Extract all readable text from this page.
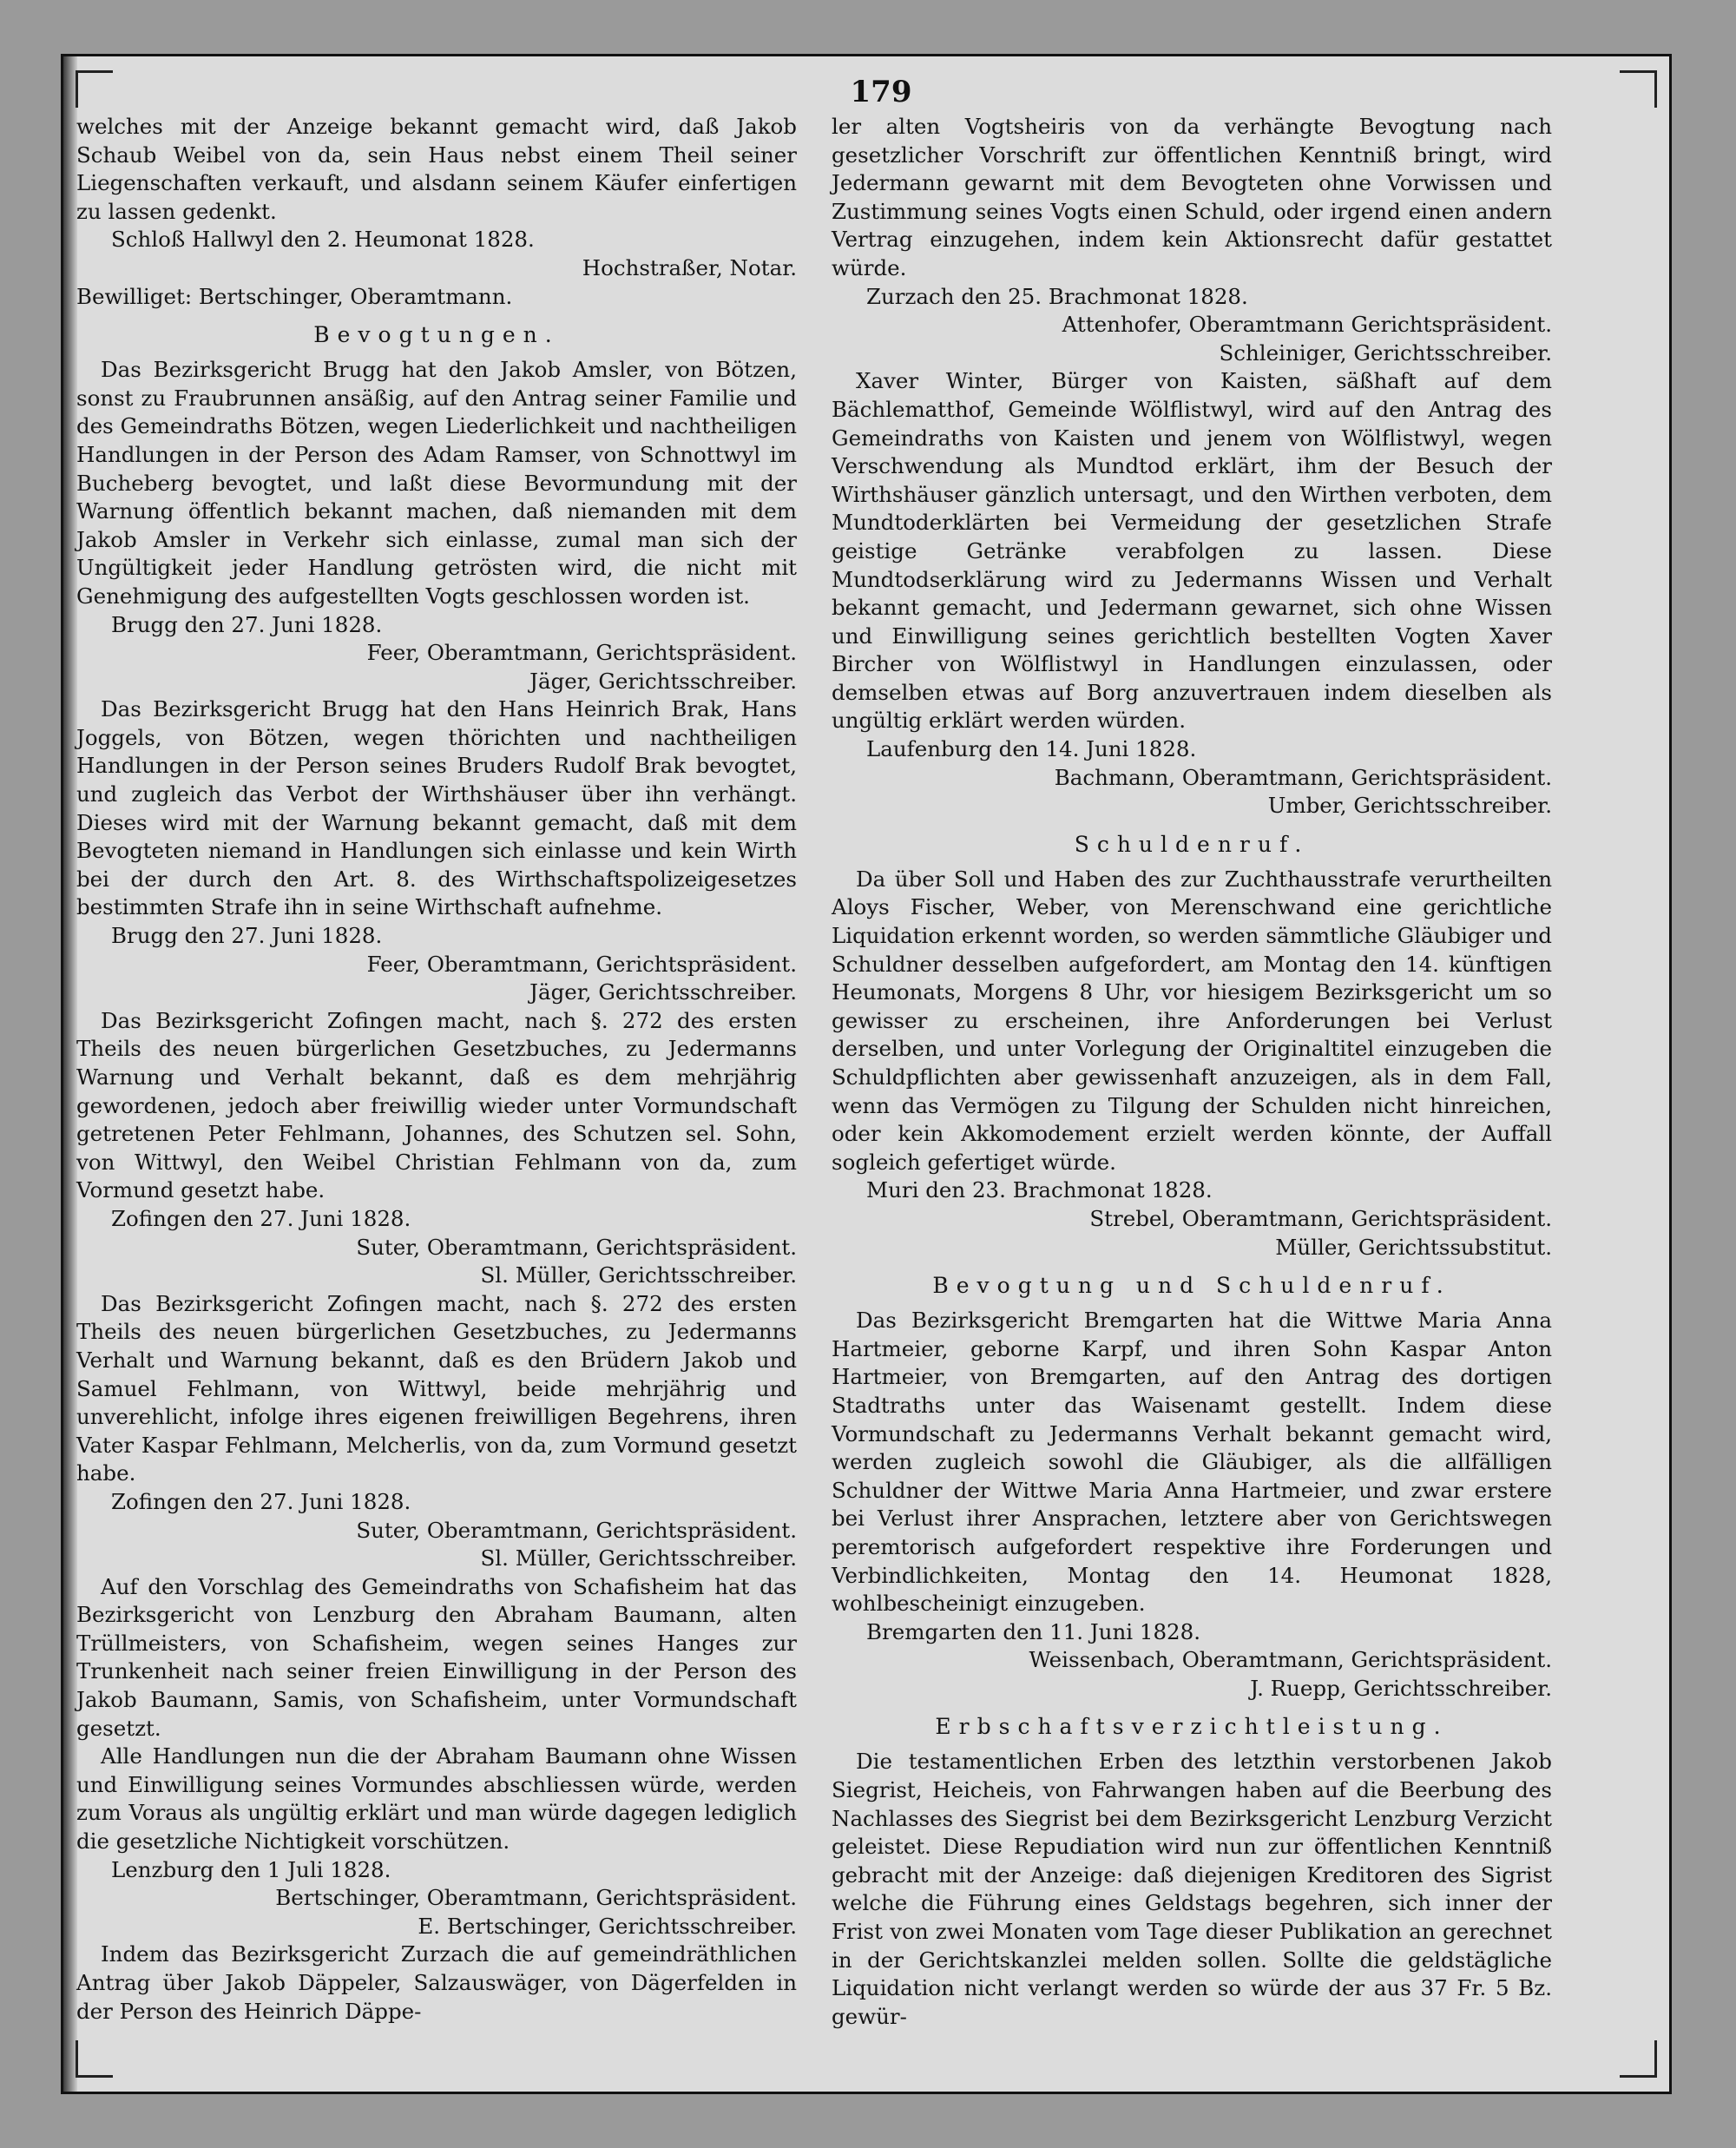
179

welches mit der Anzeige bekannt gemacht wird, daß Jakob Schaub Weibel von da, sein Haus nebst einem Theil seiner Liegenschaften verkauft, und alsdann seinem Käufer einfertigen zu lassen gedenkt.

Schloß Hallwyl den 2. Heumonat 1828.

Hochstraßer, Notar.

Bewilliget: Bertschinger, Oberamtmann.

Bevogtungen.

Das Bezirksgericht Brugg hat den Jakob Amsler, von Bötzen, sonst zu Fraubrunnen ansäßig, auf den Antrag seiner Familie und des Gemeindraths Bötzen, wegen Liederlichkeit und nachtheiligen Handlungen in der Person des Adam Ramser, von Schnottwyl im Bucheberg bevogtet, und laßt diese Bevormundung mit der Warnung öffentlich bekannt machen, daß niemanden mit dem Jakob Amsler in Verkehr sich einlasse, zumal man sich der Ungültigkeit jeder Handlung getrösten wird, die nicht mit Genehmigung des aufgestellten Vogts geschlossen worden ist.

Brugg den 27. Juni 1828.

Feer, Oberamtmann, Gerichtspräsident.

Jäger, Gerichtsschreiber.

Das Bezirksgericht Brugg hat den Hans Heinrich Brak, Hans Joggels, von Bötzen, wegen thörichten und nachtheiligen Handlungen in der Person seines Bruders Rudolf Brak bevogtet, und zugleich das Verbot der Wirthshäuser über ihn verhängt. Dieses wird mit der Warnung bekannt gemacht, daß mit dem Bevogteten niemand in Handlungen sich einlasse und kein Wirth bei der durch den Art. 8. des Wirthschaftspolizeigesetzes bestimmten Strafe ihn in seine Wirthschaft aufnehme.

Brugg den 27. Juni 1828.

Feer, Oberamtmann, Gerichtspräsident.

Jäger, Gerichtsschreiber.

Das Bezirksgericht Zofingen macht, nach §. 272 des ersten Theils des neuen bürgerlichen Gesetzbuches, zu Jedermanns Warnung und Verhalt bekannt, daß es dem mehrjährig gewordenen, jedoch aber freiwillig wieder unter Vormundschaft getretenen Peter Fehlmann, Johannes, des Schutzen sel. Sohn, von Wittwyl, den Weibel Christian Fehlmann von da, zum Vormund gesetzt habe.

Zofingen den 27. Juni 1828.

Suter, Oberamtmann, Gerichtspräsident.

Sl. Müller, Gerichtsschreiber.

Das Bezirksgericht Zofingen macht, nach §. 272 des ersten Theils des neuen bürgerlichen Gesetzbuches, zu Jedermanns Verhalt und Warnung bekannt, daß es den Brüdern Jakob und Samuel Fehlmann, von Wittwyl, beide mehrjährig und unverehlicht, infolge ihres eigenen freiwilligen Begehrens, ihren Vater Kaspar Fehlmann, Melcherlis, von da, zum Vormund gesetzt habe.

Zofingen den 27. Juni 1828.

Suter, Oberamtmann, Gerichtspräsident.

Sl. Müller, Gerichtsschreiber.

Auf den Vorschlag des Gemeindraths von Schafisheim hat das Bezirksgericht von Lenzburg den Abraham Baumann, alten Trüllmeisters, von Schafisheim, wegen seines Hanges zur Trunkenheit nach seiner freien Einwilligung in der Person des Jakob Baumann, Samis, von Schafisheim, unter Vormundschaft gesetzt.

Alle Handlungen nun die der Abraham Baumann ohne Wissen und Einwilligung seines Vormundes abschliessen würde, werden zum Voraus als ungültig erklärt und man würde dagegen lediglich die gesetzliche Nichtigkeit vorschützen.

Lenzburg den 1 Juli 1828.

Bertschinger, Oberamtmann, Gerichtspräsident.

E. Bertschinger, Gerichtsschreiber.

Indem das Bezirksgericht Zurzach die auf gemeindräthlichen Antrag über Jakob Däppeler, Salzauswäger, von Dägerfelden in der Person des Heinrich Däppe-

ler alten Vogtsheiris von da verhängte Bevogtung nach gesetzlicher Vorschrift zur öffentlichen Kenntniß bringt, wird Jedermann gewarnt mit dem Bevogteten ohne Vorwissen und Zustimmung seines Vogts einen Schuld, oder irgend einen andern Vertrag einzugehen, indem kein Aktionsrecht dafür gestattet würde.

Zurzach den 25. Brachmonat 1828.

Attenhofer, Oberamtmann Gerichtspräsident.

Schleiniger, Gerichtsschreiber.

Xaver Winter, Bürger von Kaisten, säßhaft auf dem Bächlematthof, Gemeinde Wölflistwyl, wird auf den Antrag des Gemeindraths von Kaisten und jenem von Wölflistwyl, wegen Verschwendung als Mundtod erklärt, ihm der Besuch der Wirthshäuser gänzlich untersagt, und den Wirthen verboten, dem Mundtoderklärten bei Vermeidung der gesetzlichen Strafe geistige Getränke verabfolgen zu lassen. Diese Mundtodserklärung wird zu Jedermanns Wissen und Verhalt bekannt gemacht, und Jedermann gewarnet, sich ohne Wissen und Einwilligung seines gerichtlich bestellten Vogten Xaver Bircher von Wölflistwyl in Handlungen einzulassen, oder demselben etwas auf Borg anzuvertrauen indem dieselben als ungültig erklärt werden würden.

Laufenburg den 14. Juni 1828.

Bachmann, Oberamtmann, Gerichtspräsident.

Umber, Gerichtsschreiber.

Schuldenruf.

Da über Soll und Haben des zur Zuchthausstrafe verurtheilten Aloys Fischer, Weber, von Merenschwand eine gerichtliche Liquidation erkennt worden, so werden sämmtliche Gläubiger und Schuldner desselben aufgefordert, am Montag den 14. künftigen Heumonats, Morgens 8 Uhr, vor hiesigem Bezirksgericht um so gewisser zu erscheinen, ihre Anforderungen bei Verlust derselben, und unter Vorlegung der Originaltitel einzugeben die Schuldpflichten aber gewissenhaft anzuzeigen, als in dem Fall, wenn das Vermögen zu Tilgung der Schulden nicht hinreichen, oder kein Akkomodement erzielt werden könnte, der Auffall sogleich gefertiget würde.

Muri den 23. Brachmonat 1828.

Strebel, Oberamtmann, Gerichtspräsident.

Müller, Gerichtssubstitut.

Bevogtung und Schuldenruf.

Das Bezirksgericht Bremgarten hat die Wittwe Maria Anna Hartmeier, geborne Karpf, und ihren Sohn Kaspar Anton Hartmeier, von Bremgarten, auf den Antrag des dortigen Stadtraths unter das Waisenamt gestellt. Indem diese Vormundschaft zu Jedermanns Verhalt bekannt gemacht wird, werden zugleich sowohl die Gläubiger, als die allfälligen Schuldner der Wittwe Maria Anna Hartmeier, und zwar erstere bei Verlust ihrer Ansprachen, letztere aber von Gerichtswegen peremtorisch aufgefordert respektive ihre Forderungen und Verbindlichkeiten, Montag den 14. Heumonat 1828, wohlbescheinigt einzugeben.

Bremgarten den 11. Juni 1828.

Weissenbach, Oberamtmann, Gerichtspräsident.

J. Ruepp, Gerichtsschreiber.

Erbschaftsverzichtleistung.

Die testamentlichen Erben des letzthin verstorbenen Jakob Siegrist, Heicheis, von Fahrwangen haben auf die Beerbung des Nachlasses des Siegrist bei dem Bezirksgericht Lenzburg Verzicht geleistet. Diese Repudiation wird nun zur öffentlichen Kenntniß gebracht mit der Anzeige: daß diejenigen Kreditoren des Sigrist welche die Führung eines Geldstags begehren, sich inner der Frist von zwei Monaten vom Tage dieser Publikation an gerechnet in der Gerichtskanzlei melden sollen. Sollte die geldstägliche Liquidation nicht verlangt werden so würde der aus 37 Fr. 5 Bz. gewür-
